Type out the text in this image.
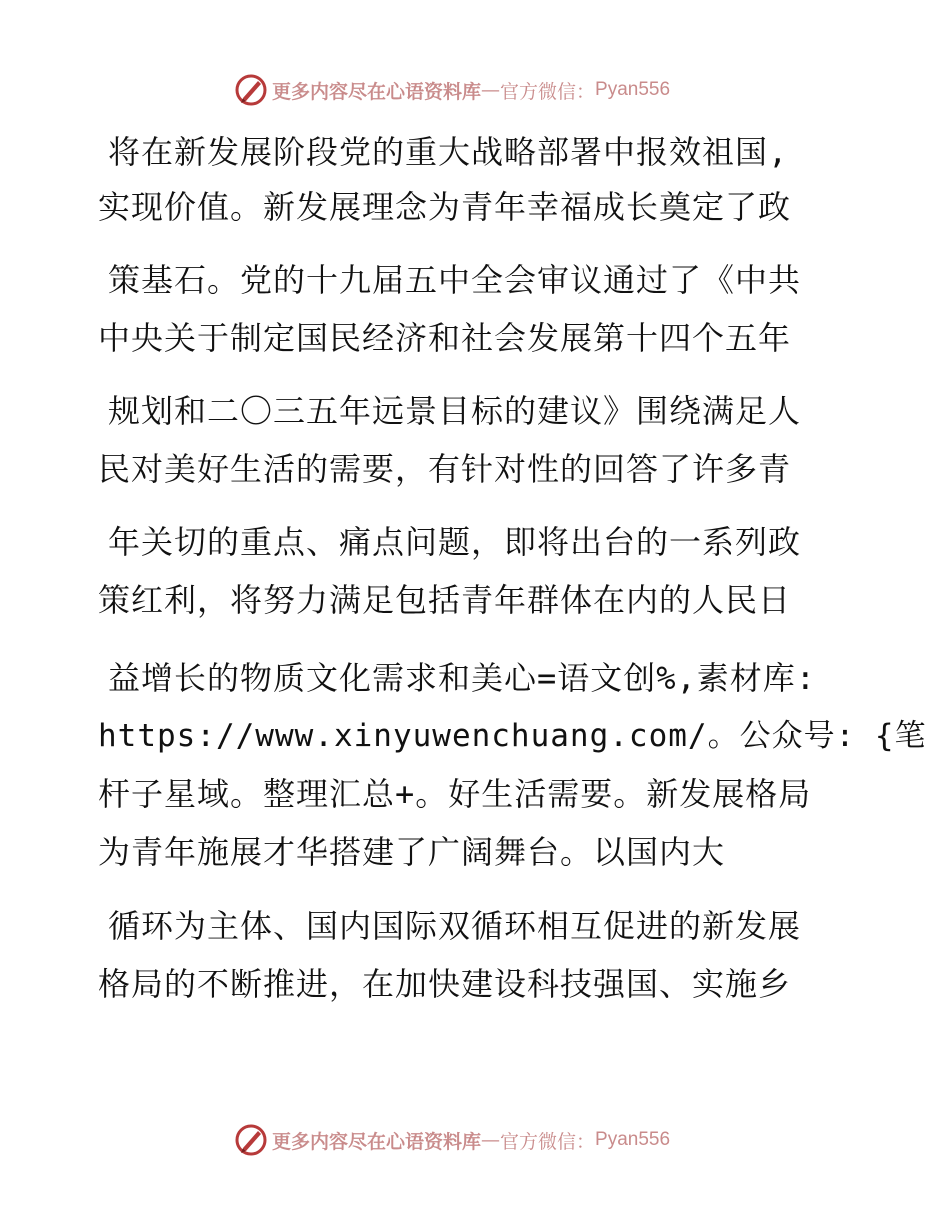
更多内容尽在心语资料库 — 官方微信： Pyan556
将在新发展阶段党的重大战略部署中报效祖国,
实现价值。新发展理念为青年幸福成长奠定了政
策基石。党的十九届五中全会审议通过了《中共
中央关于制定国民经济和社会发展第十四个五年
规划和二〇三五年远景目标的建议》围绕满足人
民对美好生活的需要，有针对性的回答了许多青
年关切的重点、痛点问题，即将出台的一系列政
策红利，将努力满足包括青年群体在内的人民日
益增长的物质文化需求和美心=语文创%,素材库:
https://www.xinyuwenchuang.com/。公众号: {笔
杆子星域。整理汇总+。好生活需要。新发展格局
为青年施展才华搭建了广阔舞台。以国内大
循环为主体、国内国际双循环相互促进的新发展
格局的不断推进，在加快建设科技强国、实施乡
更多内容尽在心语资料库 — 官方微信： Pyan556
